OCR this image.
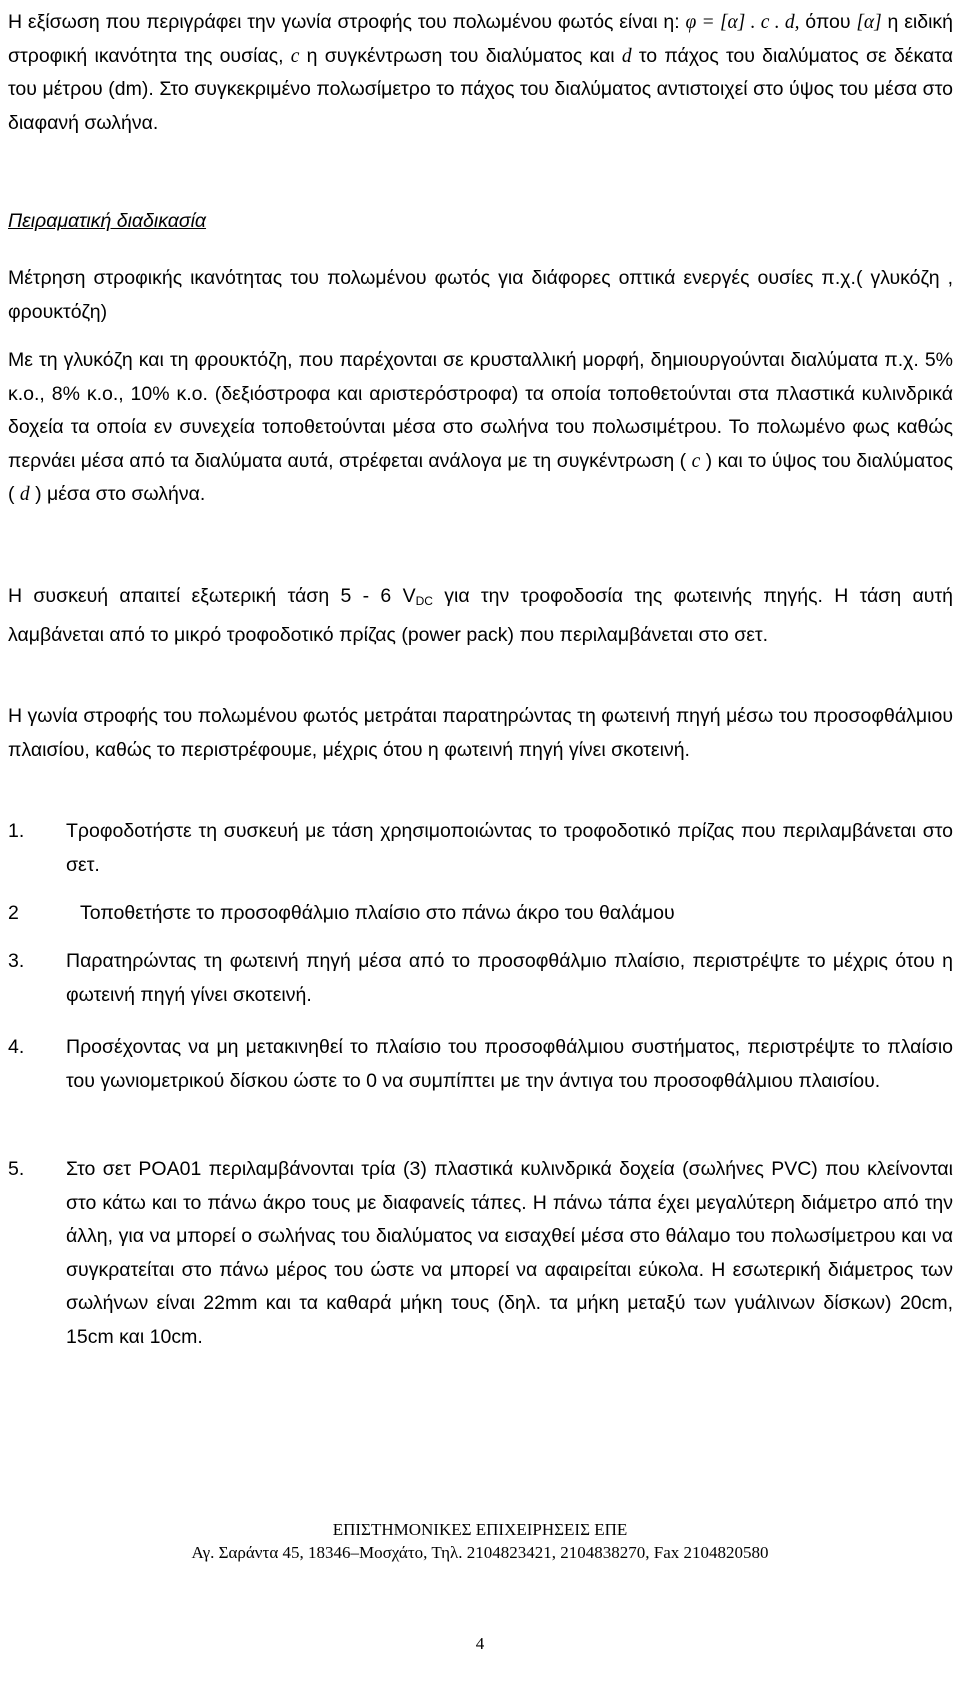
Η εξίσωση που περιγράφει την γωνία στροφής του πολωμένου φωτός είναι η: φ = [α] . c . d, όπου [α] η ειδική στροφική ικανότητα της ουσίας, c η συγκέντρωση του διαλύματος και d το πάχος του διαλύματος σε δέκατα του μέτρου (dm). Στο συγκεκριμένο πολωσίμετρο το πάχος του διαλύματος αντιστοιχεί στο ύψος του μέσα στο διαφανή σωλήνα.

Πειραματική διαδικασία

Μέτρηση στροφικής ικανότητας του πολωμένου φωτός για διάφορες οπτικά ενεργές ουσίες π.χ.( γλυκόζη , φρουκτόζη)

Με τη γλυκόζη και τη φρουκτόζη, που παρέχονται σε κρυσταλλική μορφή, δημιουργούνται διαλύματα π.χ. 5% κ.ο., 8% κ.ο., 10% κ.ο. (δεξιόστροφα και αριστερόστροφα) τα οποία τοποθετούνται στα πλαστικά κυλινδρικά δοχεία τα οποία εν συνεχεία τοποθετούνται μέσα στο σωλήνα του πολωσιμέτρου. Το πολωμένο φως καθώς περνάει μέσα από τα διαλύματα αυτά, στρέφεται ανάλογα με τη συγκέντρωση ( c ) και το ύψος του διαλύματος ( d ) μέσα στο σωλήνα.

Η συσκευή απαιτεί εξωτερική τάση 5 - 6 $V_{DC}$ για την τροφοδοσία της φωτεινής πηγής. Η τάση αυτή λαμβάνεται από το μικρό τροφοδοτικό πρίζας (power pack) που περιλαμβάνεται στο σετ.

Η γωνία στροφής του πολωμένου φωτός μετράται παρατηρώντας τη φωτεινή πηγή μέσω του προσοφθάλμιου πλαισίου, καθώς το περιστρέφουμε, μέχρις ότου η φωτεινή πηγή γίνει σκοτεινή.

1. Τροφοδοτήστε τη συσκευή με τάση χρησιμοποιώντας το τροφοδοτικό πρίζας που περιλαμβάνεται στο σετ.
2	Τοποθετήστε το προσοφθάλμιο πλαίσιο στο πάνω άκρο του θαλάμου
3. Παρατηρώντας τη φωτεινή πηγή μέσα από το προσοφθάλμιο πλαίσιο, περιστρέψτε το μέχρις ότου η φωτεινή πηγή γίνει σκοτεινή.
4. Προσέχοντας να μη μετακινηθεί το πλαίσιο του προσοφθάλμιου συστήματος, περιστρέψτε το πλαίσιο του γωνιομετρικού δίσκου ώστε το 0 να συμπίπτει με την άντιγα του προσοφθάλμιου πλαισίου.
5. Στο σετ POA01 περιλαμβάνονται τρία (3) πλαστικά κυλινδρικά δοχεία (σωλήνες PVC) που κλείνονται στο κάτω και το πάνω άκρο τους με διαφανείς τάπες. Η πάνω τάπα έχει μεγαλύτερη διάμετρο από την άλλη, για να μπορεί ο σωλήνας του διαλύματος να εισαχθεί μέσα στο θάλαμο του πολωσίμετρου και να συγκρατείται στο πάνω μέρος του ώστε να μπορεί να αφαιρείται εύκολα. Η εσωτερική διάμετρος των σωλήνων είναι 22mm και τα καθαρά μήκη τους (δηλ. τα μήκη μεταξύ των γυάλινων δίσκων) 20cm, 15cm και 10cm.
ΕΠΙΣΤΗΜΟΝΙΚΕΣ ΕΠΙΧΕΙΡΗΣΕΙΣ ΕΠΕ
Αγ. Σαράντα 45, 18346–Μοσχάτο, Τηλ. 2104823421, 2104838270, Fax 2104820580
4
